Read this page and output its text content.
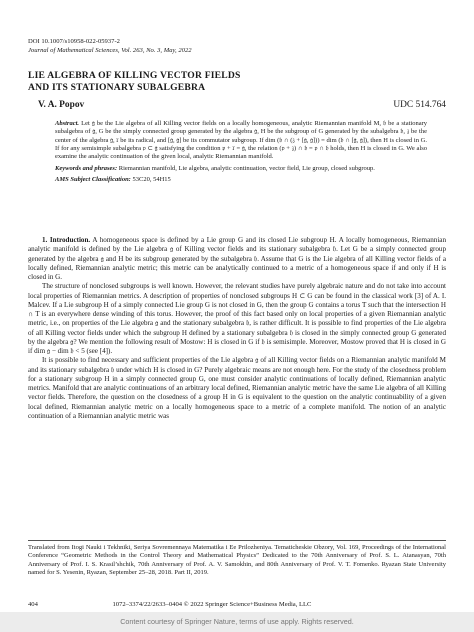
DOI 10.1007/s10958-022-05937-2
Journal of Mathematical Sciences, Vol. 263, No. 3, May, 2022
LIE ALGEBRA OF KILLING VECTOR FIELDS
AND ITS STATIONARY SUBALGEBRA
V. A. Popov	UDC 514.764

Abstract. Let 𝔤 be the Lie algebra of all Killing vector fields on a locally homogeneous, analytic Riemannian manifold M, 𝔥 be a stationary subalgebra of 𝔤, G be the simply connected group generated by the algebra 𝔤, H be the subgroup of G generated by the subalgebra 𝔥, 𝔷 be the center of the algebra 𝔤, 𝔯 be its radical, and [𝔤, 𝔤] be its commutator subgroup. If dim (𝔥 ∩ (𝔷 + [𝔤, 𝔤])) = dim (𝔥 ∩ [𝔤, 𝔤]), then H is closed in G. If for any semisimple subalgebra 𝔭 ⊂ 𝔤 satisfying the condition 𝔭 + 𝔯 = 𝔤, the relation (𝔭 + 𝔷) ∩ 𝔥 = 𝔭 ∩ 𝔥 holds, then H is closed in G. We also examine the analytic continuation of the given local, analytic Riemannian manifold.

Keywords and phrases: Riemannian manifold, Lie algebra, analytic continuation, vector field, Lie group, closed subgroup.

AMS Subject Classification: 53C20, 54H15

1. Introduction. A homogeneous space is defined by a Lie group G and its closed Lie subgroup H. A locally homogeneous, Riemannian analytic manifold is defined by the Lie algebra 𝔤 of Killing vector fields and its stationary subalgebra 𝔥. Let G be a simply connected group generated by the algebra 𝔤 and H be its subgroup generated by the subalgebra 𝔥. Assume that G is the Lie algebra of all Killing vector fields of a locally defined, Riemannian analytic metric; this metric can be analytically continued to a metric of a homogeneous space if and only if H is closed in G.

The structure of nonclosed subgroups is well known. However, the relevant studies have purely algebraic nature and do not take into account local properties of Riemannian metrics. A description of properties of nonclosed subgroups H ⊂ G can be found in the classical work [3] of A. I. Malcev. If a Lie subgroup H of a simply connected Lie group G is not closed in G, then the group G contains a torus T such that the intersection H ∩ T is an everywhere dense winding of this torus. However, the proof of this fact based only on local properties of a given Riemannian analytic metric, i.e., on properties of the Lie algebra 𝔤 and the stationary subalgebra 𝔥, is rather difficult. It is possible to find properties of the Lie algebra of all Killing vector fields under which the subgroup H defined by a stationary subalgebra 𝔥 is closed in the simply connected group G generated by the algebra 𝔤? We mention the following result of Mostow: H is closed in G if 𝔥 is semisimple. Moreover, Mostow proved that H is closed in G if dim 𝔤 − dim 𝔥 < 5 (see [4]).

It is possible to find necessary and sufficient properties of the Lie algebra 𝔤 of all Killing vector fields on a Riemannian analytic manifold M and its stationary subalgebra 𝔥 under which H is closed in G? Purely algebraic means are not enough here. For the study of the closedness problem for a stationary subgroup H in a simply connected group G, one must consider analytic continuations of locally defined, Riemannian analytic metrics. Manifold that are analytic continuations of an arbitrary local defined, Riemannian analytic metric have the same Lie algebra of all Killing vector fields. Therefore, the question on the closedness of a group H in G is equivalent to the question on the analytic continuability of a given local defined, Riemannian analytic metric on a locally homogeneous space to a metric of a complete manifold. The notion of an analytic continuation of a Riemannian analytic metric was

Translated from Itogi Nauki i Tekhniki, Seriya Sovremennaya Matematika i Ee Prilozheniya. Tematicheskie Obzory, Vol. 169, Proceedings of the International Conference “Geometric Methods in the Control Theory and Mathematical Physics” Dedicated to the 70th Anniversary of Prof. S. L. Atanasyan, 70th Anniversary of Prof. I. S. Krasil’shchik, 70th Anniversary of Prof. A. V. Samokhin, and 80th Anniversary of Prof. V. T. Fomenko. Ryazan State University named for S. Yesenin, Ryazan, September 25–28, 2018. Part II, 2019.
404	1072–3374/22/2633–0404 © 2022 Springer Science+Business Media, LLC
Content courtesy of Springer Nature, terms of use apply. Rights reserved.
